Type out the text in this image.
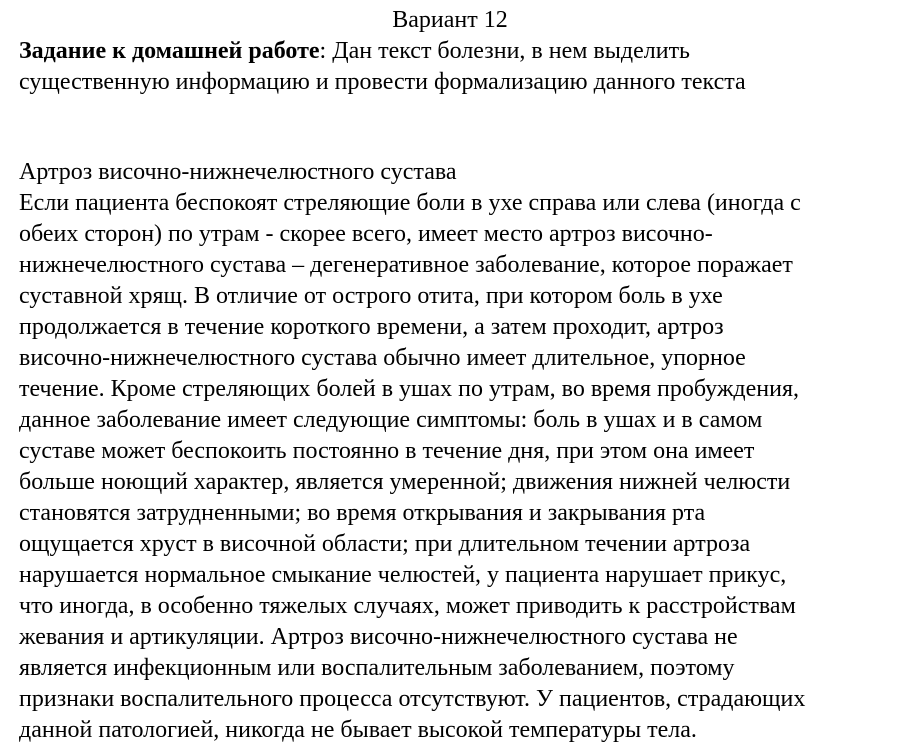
Вариант 12
Задание к домашней работе: Дан текст болезни, в нем выделить
существенную информацию и провести формализацию данного текста
Артроз височно-нижнечелюстного сустава
Если пациента беспокоят стреляющие боли в ухе справа или слева (иногда с
обеих сторон) по утрам - скорее всего, имеет место артроз височно-
нижнечелюстного сустава – дегенеративное заболевание, которое поражает
суставной хрящ. В отличие от острого отита, при котором боль в ухе
продолжается в течение короткого времени, а затем проходит, артроз
височно-нижнечелюстного сустава обычно имеет длительное, упорное
течение. Кроме стреляющих болей в ушах по утрам, во время пробуждения,
данное заболевание имеет следующие симптомы: боль в ушах и в самом
суставе может беспокоить постоянно в течение дня, при этом она имеет
больше ноющий характер, является умеренной; движения нижней челюсти
становятся затрудненными; во время открывания и закрывания рта
ощущается хруст в височной области; при длительном течении артроза
нарушается нормальное смыкание челюстей, у пациента нарушает прикус,
что иногда, в особенно тяжелых случаях, может приводить к расстройствам
жевания и артикуляции. Артроз височно-нижнечелюстного сустава не
является инфекционным или воспалительным заболеванием, поэтому
признаки воспалительного процесса отсутствуют. У пациентов, страдающих
данной патологией, никогда не бывает высокой температуры тела.
